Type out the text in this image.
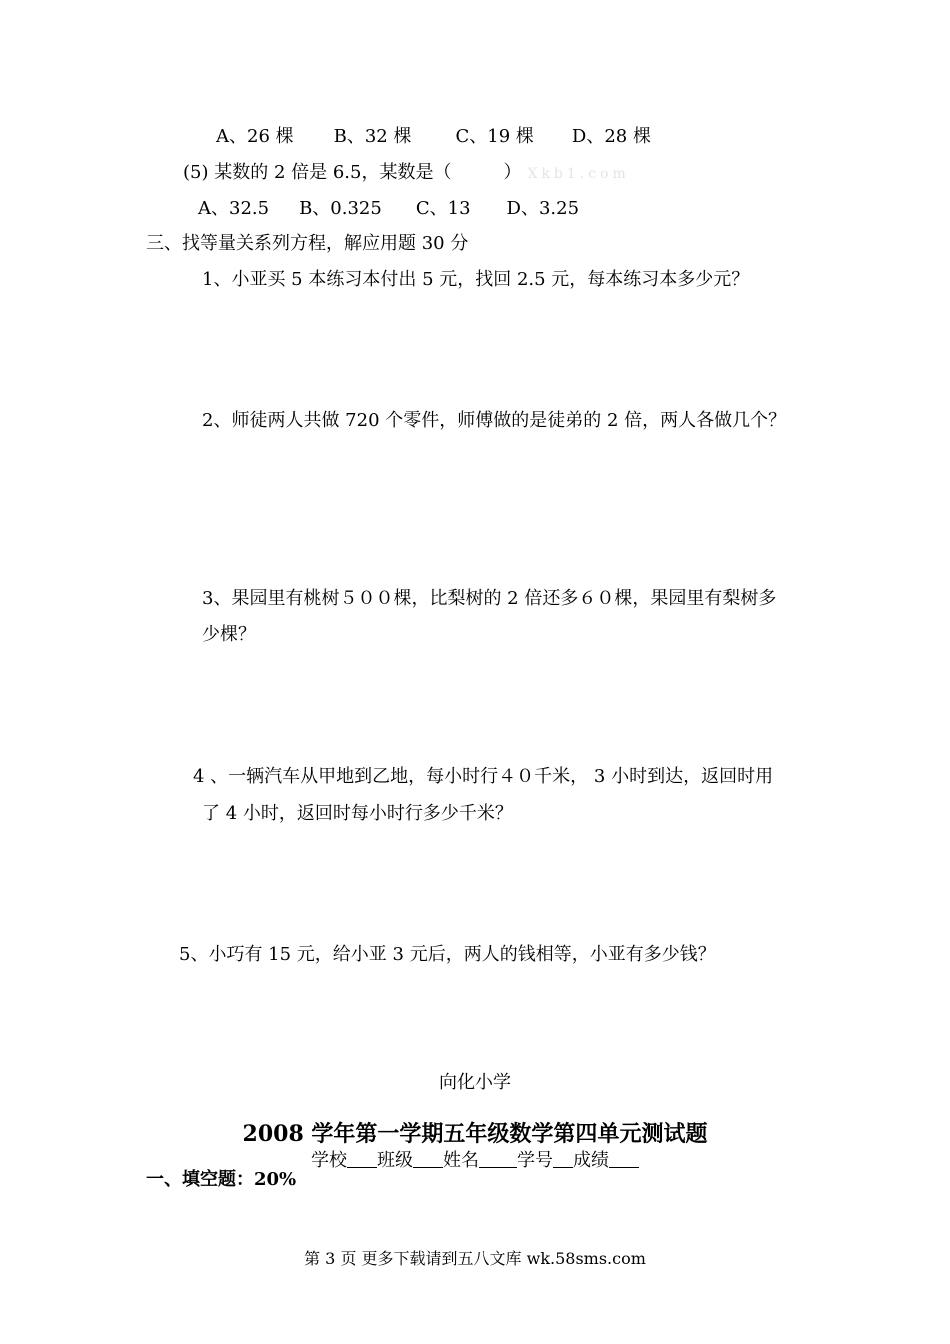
A、26 棵 B、32 棵 C、19 棵 D、28 棵
(5) 某数的 2 倍是 6.5，某数是（	） Xkb1.com
A、32.5 B、0.325 C、13 D、3.25
三、找等量关系列方程，解应用题 30 分
1、小亚买 5 本练习本付出 5 元，找回 2.5 元，每本练习本多少元？
2、师徒两人共做 720 个零件，师傅做的是徒弟的 2 倍，两人各做几个？
3、果园里有桃树５００棵，比梨树的 2 倍还多６０棵，果园里有梨树多
少棵？
4 、一辆汽车从甲地到乙地，每小时行４０千米， 3 小时到达，返回时用
了 4 小时，返回时每小时行多少千米？
5、小巧有 15 元，给小亚 3 元后，两人的钱相等，小亚有多少钱？
向化小学
2008 学年第一学期五年级数学第四单元测试题
学校 班级 姓名 学号 成绩
一、填空题：20%
第 3 页 更多下载请到五八文库 wk.58sms.com
